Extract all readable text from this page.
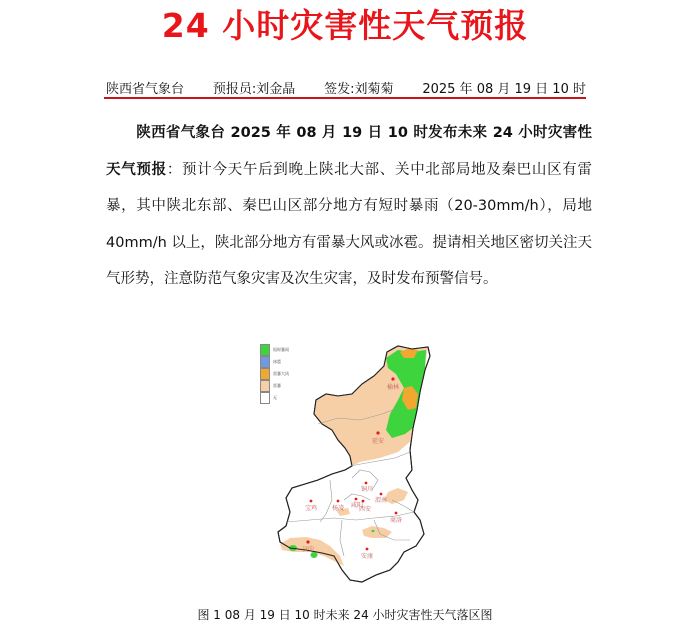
24 小时灾害性天气预报
陕西省气象台 预报员:刘金晶 签发:刘菊菊 2025 年 08 月 19 日 10 时
陕西省气象台 2025 年 08 月 19 日 10 时发布未来 24 小时灾害性天气预报：预计今天午后到晚上陕北大部、关中北部局地及秦巴山区有雷暴，其中陕北东部、秦巴山区部分地方有短时暴雨（20-30mm/h），局地 40mm/h 以上，陕北部分地方有雷暴大风或冰雹。提请相关地区密切关注天气形势，注意防范气象灾害及次生灾害，及时发布预警信号。
榆林
延安
宝鸡 杨凌 咸阳
西安
铜川
渭南
商洛
汉中
安康
短时暴雨
冰雹
雷暴大风
雷暴
无
图 1 08 月 19 日 10 时未来 24 小时灾害性天气落区图
